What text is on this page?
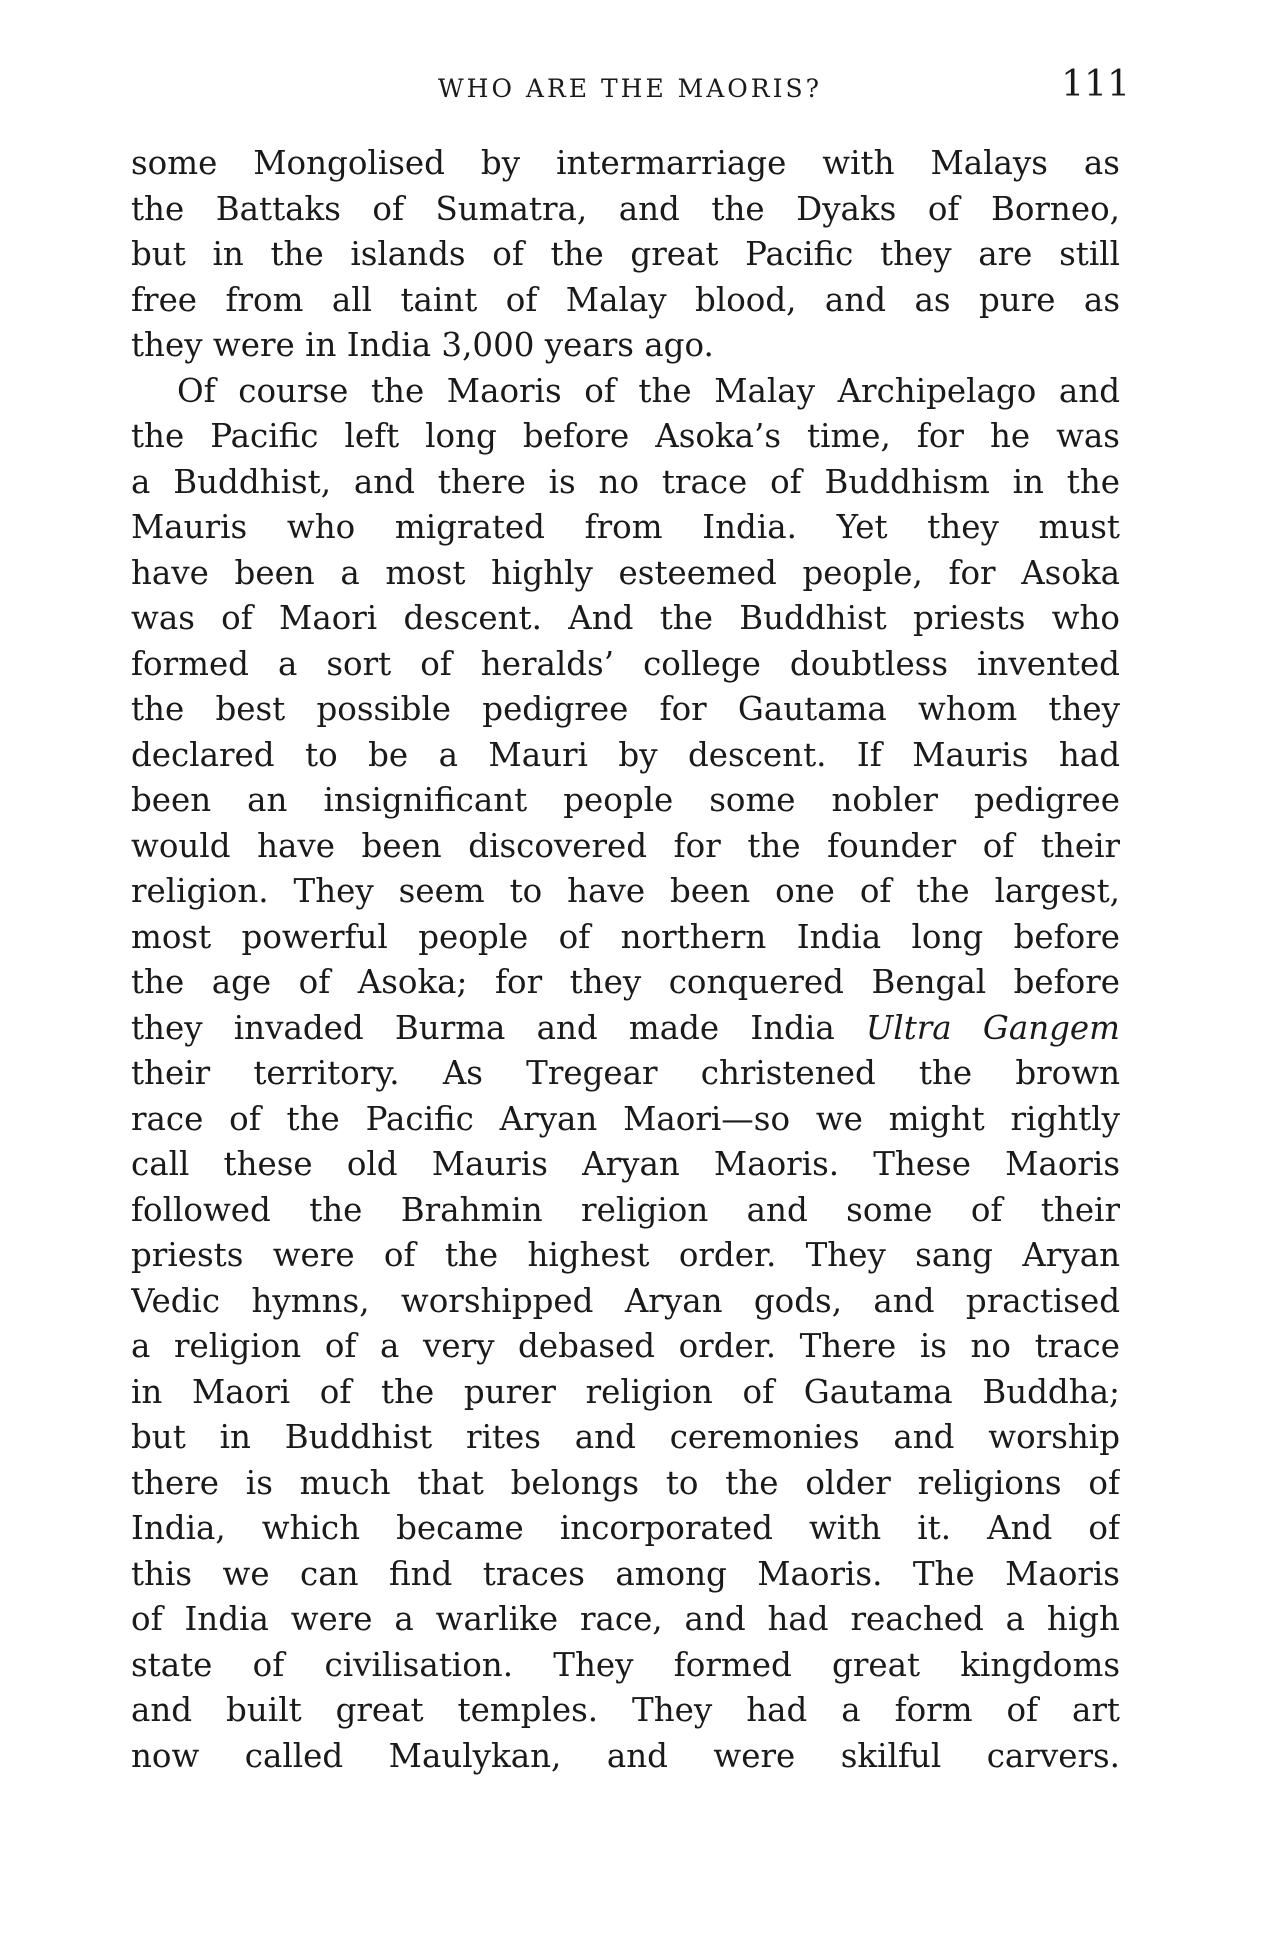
WHO ARE THE MAORIS?	111
some Mongolised by intermarriage with Malays as
the Battaks of Sumatra, and the Dyaks of Borneo,
but in the islands of the great Pacific they are still
free from all taint of Malay blood, and as pure as
they were in India 3,000 years ago.
Of course the Maoris of the Malay Archipelago and
the Pacific left long before Asoka’s time, for he was
a Buddhist, and there is no trace of Buddhism in the
Mauris who migrated from India. Yet they must
have been a most highly esteemed people, for Asoka
was of Maori descent. And the Buddhist priests who
formed a sort of heralds’ college doubtless invented
the best possible pedigree for Gautama whom they
declared to be a Mauri by descent. If Mauris had
been an insignificant people some nobler pedigree
would have been discovered for the founder of their
religion. They seem to have been one of the largest,
most powerful people of northern India long before
the age of Asoka; for they conquered Bengal before
they invaded Burma and made India Ultra Gangem
their territory. As Tregear christened the brown
race of the Pacific Aryan Maori—so we might rightly
call these old Mauris Aryan Maoris. These Maoris
followed the Brahmin religion and some of their
priests were of the highest order. They sang Aryan
Vedic hymns, worshipped Aryan gods, and practised
a religion of a very debased order. There is no trace
in Maori of the purer religion of Gautama Buddha;
but in Buddhist rites and ceremonies and worship
there is much that belongs to the older religions of
India, which became incorporated with it. And of
this we can find traces among Maoris. The Maoris
of India were a warlike race, and had reached a high
state of civilisation. They formed great kingdoms
and built great temples. They had a form of art
now called Maulykan, and were skilful carvers.
